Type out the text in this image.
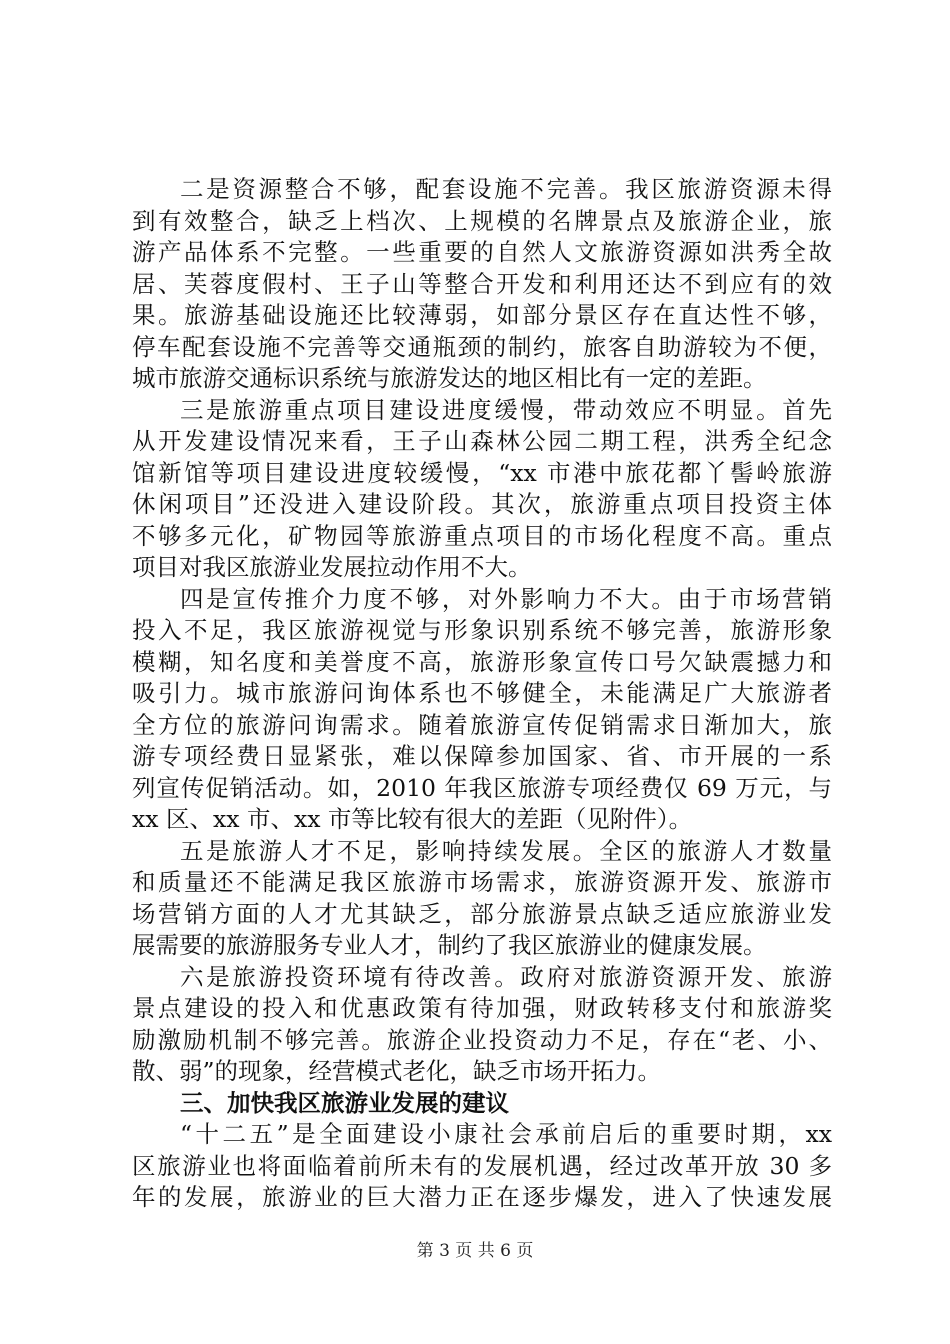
二是资源整合不够，配套设施不完善。我区旅游资源未得
到有效整合，缺乏上档次、上规模的名牌景点及旅游企业，旅
游产品体系不完整。一些重要的自然人文旅游资源如洪秀全故
居、芙蓉度假村、王子山等整合开发和利用还达不到应有的效
果。旅游基础设施还比较薄弱，如部分景区存在直达性不够，
停车配套设施不完善等交通瓶颈的制约，旅客自助游较为不便，
城市旅游交通标识系统与旅游发达的地区相比有一定的差距。
三是旅游重点项目建设进度缓慢，带动效应不明显。首先
从开发建设情况来看，王子山森林公园二期工程，洪秀全纪念
馆新馆等项目建设进度较缓慢，“xx 市港中旅花都丫髻岭旅游
休闲项目”还没进入建设阶段。其次，旅游重点项目投资主体
不够多元化，矿物园等旅游重点项目的市场化程度不高。重点
项目对我区旅游业发展拉动作用不大。
四是宣传推介力度不够，对外影响力不大。由于市场营销
投入不足，我区旅游视觉与形象识别系统不够完善，旅游形象
模糊，知名度和美誉度不高，旅游形象宣传口号欠缺震撼力和
吸引力。城市旅游问询体系也不够健全，未能满足广大旅游者
全方位的旅游问询需求。随着旅游宣传促销需求日渐加大，旅
游专项经费日显紧张，难以保障参加国家、省、市开展的一系
列宣传促销活动。如，2010 年我区旅游专项经费仅 69 万元，与
xx 区、xx 市、xx 市等比较有很大的差距（见附件）。
五是旅游人才不足，影响持续发展。全区的旅游人才数量
和质量还不能满足我区旅游市场需求，旅游资源开发、旅游市
场营销方面的人才尤其缺乏，部分旅游景点缺乏适应旅游业发
展需要的旅游服务专业人才，制约了我区旅游业的健康发展。
六是旅游投资环境有待改善。政府对旅游资源开发、旅游
景点建设的投入和优惠政策有待加强，财政转移支付和旅游奖
励激励机制不够完善。旅游企业投资动力不足，存在“老、小、
散、弱”的现象，经营模式老化，缺乏市场开拓力。
三、加快我区旅游业发展的建议
“十二五”是全面建设小康社会承前启后的重要时期，xx
区旅游业也将面临着前所未有的发展机遇，经过改革开放 30 多
年的发展，旅游业的巨大潜力正在逐步爆发，进入了快速发展
第 3 页 共 6 页
